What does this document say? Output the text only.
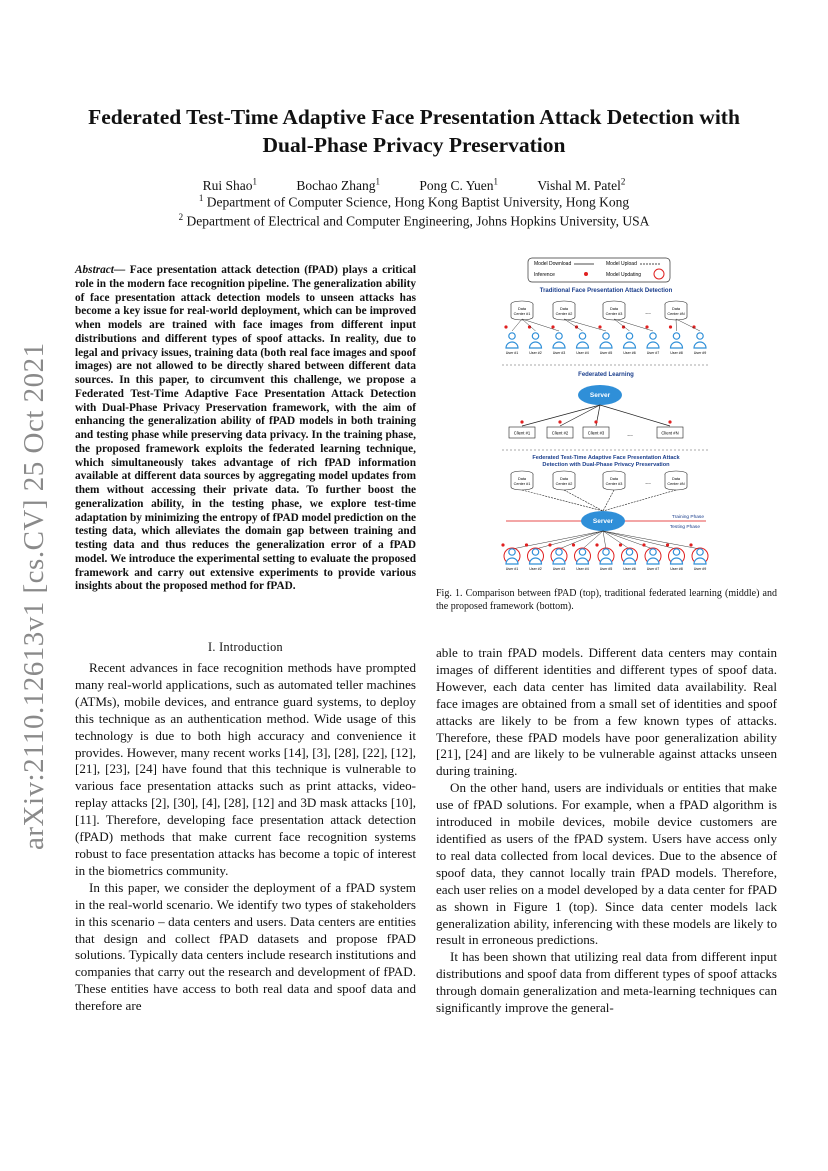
arXiv:2110.12613v1 [cs.CV] 25 Oct 2021
Federated Test-Time Adaptive Face Presentation Attack Detection with
Dual-Phase Privacy Preservation
Rui Shao$^1$	Bochao Zhang$^1$	Pong C. Yuen$^1$	Vishal M. Patel$^2$
$^1$ Department of Computer Science, Hong Kong Baptist University, Hong Kong
$^2$ Department of Electrical and Computer Engineering, Johns Hopkins University, USA
Abstract— Face presentation attack detection (fPAD) plays a critical role in the modern face recognition pipeline. The generalization ability of face presentation attack detection models to unseen attacks has become a key issue for real-world deployment, which can be improved when models are trained with face images from different input distributions and different types of spoof attacks. In reality, due to legal and privacy issues, training data (both real face images and spoof images) are not allowed to be directly shared between different data sources. In this paper, to circumvent this challenge, we propose a Federated Test-Time Adaptive Face Presentation Attack Detection with Dual-Phase Privacy Preservation framework, with the aim of enhancing the generalization ability of fPAD models in both training and testing phase while preserving data privacy. In the training phase, the proposed framework exploits the federated learning technique, which simultaneously takes advantage of rich fPAD information available at different data sources by aggregating model updates from them without accessing their private data. To further boost the generalization ability, in the testing phase, we explore test-time adaptation by minimizing the entropy of fPAD model prediction on the testing data, which alleviates the domain gap between training and testing data and thus reduces the generalization error of a fPAD model. We introduce the experimental setting to evaluate the proposed framework and carry out extensive experiments to provide various insights about the proposed method for fPAD.
I. Introduction

Recent advances in face recognition methods have prompted many real-world applications, such as automated teller machines (ATMs), mobile devices, and entrance guard systems, to deploy this technique as an authentication method. Wide usage of this technology is due to both high accuracy and convenience it provides. However, many recent works [14], [3], [28], [22], [12], [21], [23], [24] have found that this technique is vulnerable to various face presentation attacks such as print attacks, video-replay attacks [2], [30], [4], [28], [12] and 3D mask attacks [10], [11]. Therefore, developing face presentation attack detection (fPAD) methods that make current face recognition systems robust to face presentation attacks has become a topic of interest in the biometrics community.

In this paper, we consider the deployment of a fPAD system in the real-world scenario. We identify two types of stakeholders in this scenario – data centers and users. Data centers are entities that design and collect fPAD datasets and propose fPAD solutions. Typically data centers include research institutions and companies that carry out the research and development of fPAD. These entities have access to both real data and spoof data and therefore are

able to train fPAD models. Different data centers may contain images of different identities and different types of spoof data. However, each data center has limited data availability. Real face images are obtained from a small set of identities and spoof attacks are likely to be from a few known types of attacks. Therefore, these fPAD models have poor generalization ability [21], [24] and are likely to be vulnerable against attacks unseen during training.

On the other hand, users are individuals or entities that make use of fPAD solutions. For example, when a fPAD algorithm is introduced in mobile devices, mobile device customers are identified as users of the fPAD system. Users have access only to real data collected from local devices. Due to the absence of spoof data, they cannot locally train fPAD models. Therefore, each user relies on a model developed by a data center for fPAD as shown in Figure 1 (top). Since data center models lack generalization ability, inferencing with these models are likely to result in erroneous predictions.

It has been shown that utilizing real data from different input distributions and spoof data from different types of spoof attacks through domain generalization and meta-learning techniques can significantly improve the general-

Model Download	Model Upload
Inference	Model Updating
Traditional Face Presentation Attack Detection
Data
Center #1
Data
Center #2
Data
Center #3
Data
Center #N
...
User #1	User #2	User #3	User #4	User #5	User #6	User #7	User #8	User #9
Federated Learning
Server
Client #1	Client #2	Client #3	Client #N
...
Federated Test-Time Adaptive Face Presentation Attack
Detection with Dual-Phase Privacy Preservation
Data
Center #1
Data
Center #2
Data
Center #3
Data
Center #N
...
Server
Training Phase
Testing Phase
User #1	User #2	User #3	User #4	User #5	User #6	User #7	User #8	User #9
Fig. 1. Comparison between fPAD (top), traditional federated learning (middle) and the proposed framework (bottom).
